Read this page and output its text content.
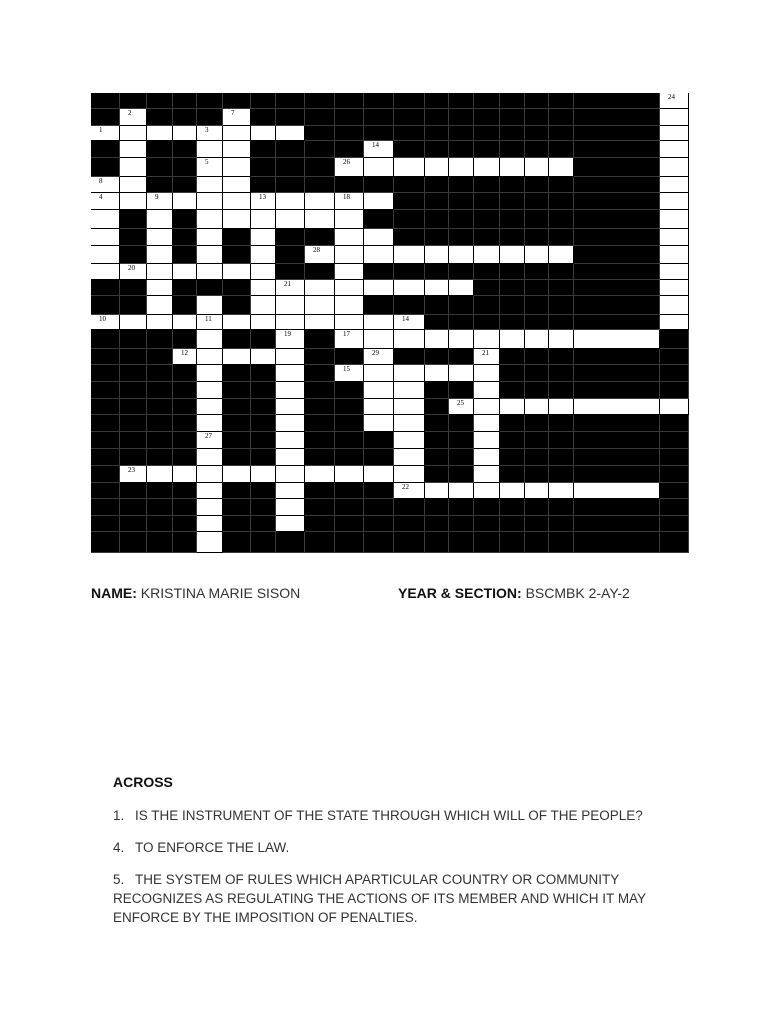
24
2	7
1	3
14
5	26
8
4	9	13	18
6
28
20
21
30
10	11	14
19	17
12	29	21
15
25
27
23
22
NAME: KRISTINA MARIE SISON	YEAR & SECTION: BSCMBK 2-AY-2
ACROSS
1. IS THE INSTRUMENT OF THE STATE THROUGH WHICH WILL OF THE PEOPLE?
4. TO ENFORCE THE LAW.
5. THE SYSTEM OF RULES WHICH APARTICULAR COUNTRY OR COMMUNITY RECOGNIZES AS REGULATING THE ACTIONS OF ITS MEMBER AND WHICH IT MAY ENFORCE BY THE IMPOSITION OF PENALTIES.
